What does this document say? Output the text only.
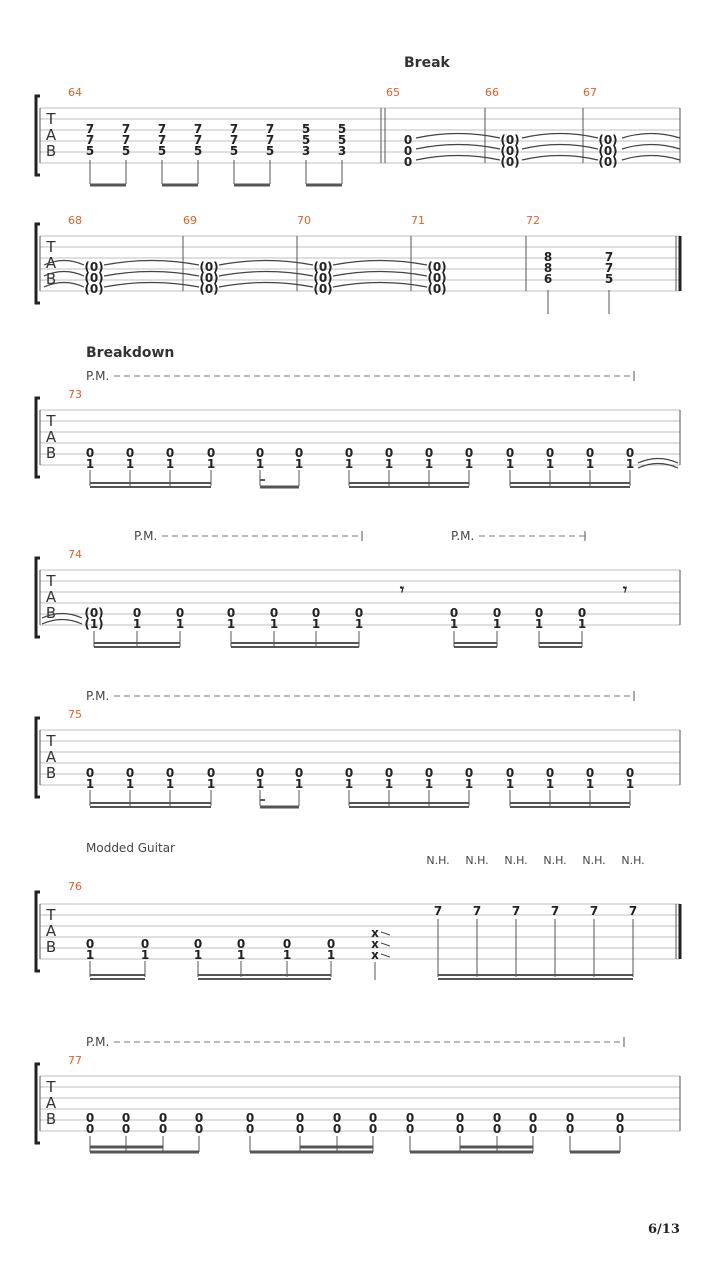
Break
Breakdown
Modded Guitar
6/13
T
A
B
64	65	66	67
7
7
5
7
7
5
7
7
5
7
7
5
7
7
5
7
7
5
5
5
3
5
5
3
0
0
0
(0)
(0)
(0)
(0)
(0)
(0)
T
A
B
68	69	70	71	72
(0)
(0)
(0)
(0)
(0)
(0)
(0)
(0)
(0)
(0)
(0)
(0)
8
8
6
7
7
5
P.M.
T
A
B
73
0
1
0
1
0
1
0
1
0
1
0
1
0
1
0
1
0
1
0
1
0
1
0
1
0
1
0
1
P.M.	P.M.
T
A
B
74
(0)
(1)
0
1
0
1
0
1
0
1
0
1
0
1
0
1
0
1
0
1
0
1
𝄾	𝄾
P.M.
T
A
B
75
0
1
0
1
0
1
0
1
0
1
0
1
0
1
0
1
0
1
0
1
0
1
0
1
0
1
0
1
T
A
B
76
0
1
0
1
0
1
0
1
0
1
0
1
x
x
x
N.H.
7
N.H.
7
N.H.
7
N.H.
7
N.H.
7
N.H.
7
P.M.
T
A
B
77
0
0
0
0
0
0
0
0
0
0
0
0
0
0
0
0
0
0
0
0
0
0
0
0
0
0
0
0
